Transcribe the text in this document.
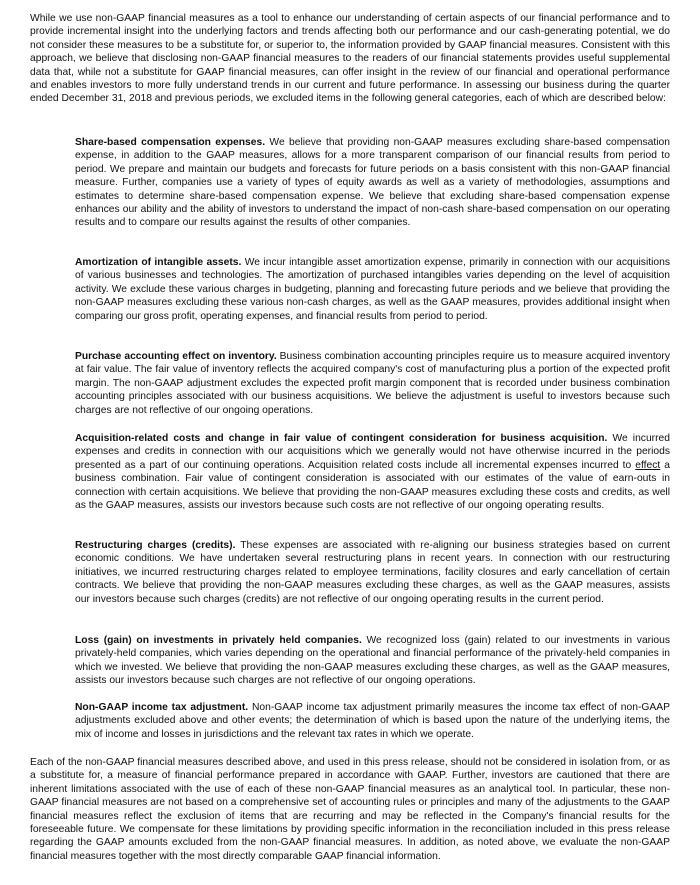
While we use non-GAAP financial measures as a tool to enhance our understanding of certain aspects of our financial performance and to provide incremental insight into the underlying factors and trends affecting both our performance and our cash-generating potential, we do not consider these measures to be a substitute for, or superior to, the information provided by GAAP financial measures. Consistent with this approach, we believe that disclosing non-GAAP financial measures to the readers of our financial statements provides useful supplemental data that, while not a substitute for GAAP financial measures, can offer insight in the review of our financial and operational performance and enables investors to more fully understand trends in our current and future performance. In assessing our business during the quarter ended December 31, 2018 and previous periods, we excluded items in the following general categories, each of which are described below:

Share-based compensation expenses. We believe that providing non-GAAP measures excluding share-based compensation expense, in addition to the GAAP measures, allows for a more transparent comparison of our financial results from period to period. We prepare and maintain our budgets and forecasts for future periods on a basis consistent with this non-GAAP financial measure. Further, companies use a variety of types of equity awards as well as a variety of methodologies, assumptions and estimates to determine share-based compensation expense. We believe that excluding share-based compensation expense enhances our ability and the ability of investors to understand the impact of non-cash share-based compensation on our operating results and to compare our results against the results of other companies.

Amortization of intangible assets. We incur intangible asset amortization expense, primarily in connection with our acquisitions of various businesses and technologies. The amortization of purchased intangibles varies depending on the level of acquisition activity. We exclude these various charges in budgeting, planning and forecasting future periods and we believe that providing the non-GAAP measures excluding these various non-cash charges, as well as the GAAP measures, provides additional insight when comparing our gross profit, operating expenses, and financial results from period to period.

Purchase accounting effect on inventory. Business combination accounting principles require us to measure acquired inventory at fair value. The fair value of inventory reflects the acquired company's cost of manufacturing plus a portion of the expected profit margin. The non-GAAP adjustment excludes the expected profit margin component that is recorded under business combination accounting principles associated with our business acquisitions. We believe the adjustment is useful to investors because such charges are not reflective of our ongoing operations.

Acquisition-related costs and change in fair value of contingent consideration for business acquisition. We incurred expenses and credits in connection with our acquisitions which we generally would not have otherwise incurred in the periods presented as a part of our continuing operations. Acquisition related costs include all incremental expenses incurred to effect a business combination. Fair value of contingent consideration is associated with our estimates of the value of earn-outs in connection with certain acquisitions. We believe that providing the non-GAAP measures excluding these costs and credits, as well as the GAAP measures, assists our investors because such costs are not reflective of our ongoing operating results.

Restructuring charges (credits). These expenses are associated with re-aligning our business strategies based on current economic conditions. We have undertaken several restructuring plans in recent years. In connection with our restructuring initiatives, we incurred restructuring charges related to employee terminations, facility closures and early cancellation of certain contracts. We believe that providing the non-GAAP measures excluding these charges, as well as the GAAP measures, assists our investors because such charges (credits) are not reflective of our ongoing operating results in the current period.

Loss (gain) on investments in privately held companies. We recognized loss (gain) related to our investments in various privately-held companies, which varies depending on the operational and financial performance of the privately-held companies in which we invested. We believe that providing the non-GAAP measures excluding these charges, as well as the GAAP measures, assists our investors because such charges are not reflective of our ongoing operations.

Non-GAAP income tax adjustment. Non-GAAP income tax adjustment primarily measures the income tax effect of non-GAAP adjustments excluded above and other events; the determination of which is based upon the nature of the underlying items, the mix of income and losses in jurisdictions and the relevant tax rates in which we operate.

Each of the non-GAAP financial measures described above, and used in this press release, should not be considered in isolation from, or as a substitute for, a measure of financial performance prepared in accordance with GAAP. Further, investors are cautioned that there are inherent limitations associated with the use of each of these non-GAAP financial measures as an analytical tool. In particular, these non-GAAP financial measures are not based on a comprehensive set of accounting rules or principles and many of the adjustments to the GAAP financial measures reflect the exclusion of items that are recurring and may be reflected in the Company's financial results for the foreseeable future. We compensate for these limitations by providing specific information in the reconciliation included in this press release regarding the GAAP amounts excluded from the non-GAAP financial measures. In addition, as noted above, we evaluate the non-GAAP financial measures together with the most directly comparable GAAP financial information.
